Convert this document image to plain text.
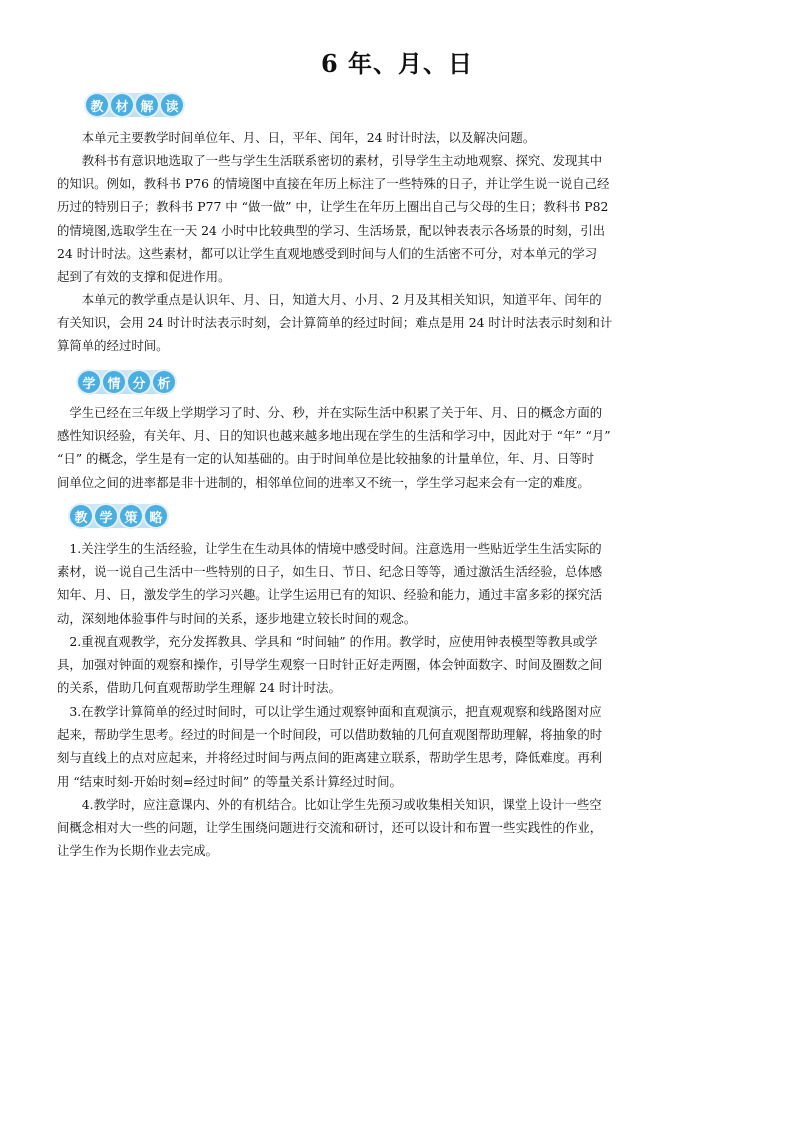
6 年、月、日
教 材 解 读
　　本单元主要教学时间单位年、月、日，平年、闰年，24 时计时法，以及解决问题。
　　教科书有意识地选取了一些与学生生活联系密切的素材，引导学生主动地观察、探究、发现其中
的知识。例如，教科书 P76 的情境图中直接在年历上标注了一些特殊的日子，并让学生说一说自己经
历过的特别日子；教科书 P77 中 “做一做” 中，让学生在年历上圈出自己与父母的生日；教科书 P82
的情境图,选取学生在一天 24 小时中比较典型的学习、生活场景，配以钟表表示各场景的时刻，引出
24 时计时法。这些素材，都可以让学生直观地感受到时间与人们的生活密不可分，对本单元的学习
起到了有效的支撑和促进作用。
　　本单元的教学重点是认识年、月、日，知道大月、小月、2 月及其相关知识，知道平年、闰年的
有关知识，会用 24 时计时法表示时刻，会计算简单的经过时间；难点是用 24 时计时法表示时刻和计
算简单的经过时间。
学 情 分 析
　学生已经在三年级上学期学习了时、分、秒，并在实际生活中积累了关于年、月、日的概念方面的
感性知识经验，有关年、月、日的知识也越来越多地出现在学生的生活和学习中，因此对于 “年” “月”
“日” 的概念，学生是有一定的认知基础的。由于时间单位是比较抽象的计量单位，年、月、日等时
间单位之间的进率都是非十进制的，相邻单位间的进率又不统一，学生学习起来会有一定的难度。
教 学 策 略
　1.关注学生的生活经验，让学生在生动具体的情境中感受时间。注意选用一些贴近学生生活实际的
素材，说一说自己生活中一些特别的日子，如生日、节日、纪念日等等，通过激活生活经验，总体感
知年、月、日，激发学生的学习兴趣。让学生运用已有的知识、经验和能力，通过丰富多彩的探究活
动，深刻地体验事件与时间的关系，逐步地建立较长时间的观念。
　2.重视直观教学，充分发挥教具、学具和 “时间轴” 的作用。教学时，应使用钟表模型等教具或学
具，加强对钟面的观察和操作，引导学生观察一日时针正好走两圈，体会钟面数字、时间及圈数之间
的关系，借助几何直观帮助学生理解 24 时计时法。
　3.在教学计算简单的经过时间时，可以让学生通过观察钟面和直观演示，把直观观察和线路图对应
起来，帮助学生思考。经过的时间是一个时间段，可以借助数轴的几何直观图帮助理解，将抽象的时
刻与直线上的点对应起来，并将经过时间与两点间的距离建立联系，帮助学生思考，降低难度。再利
用 “结束时刻-开始时刻=经过时间” 的等量关系计算经过时间。
　　4.教学时，应注意课内、外的有机结合。比如让学生先预习或收集相关知识，课堂上设计一些空
间概念相对大一些的问题，让学生围绕问题进行交流和研讨，还可以设计和布置一些实践性的作业，
让学生作为长期作业去完成。
